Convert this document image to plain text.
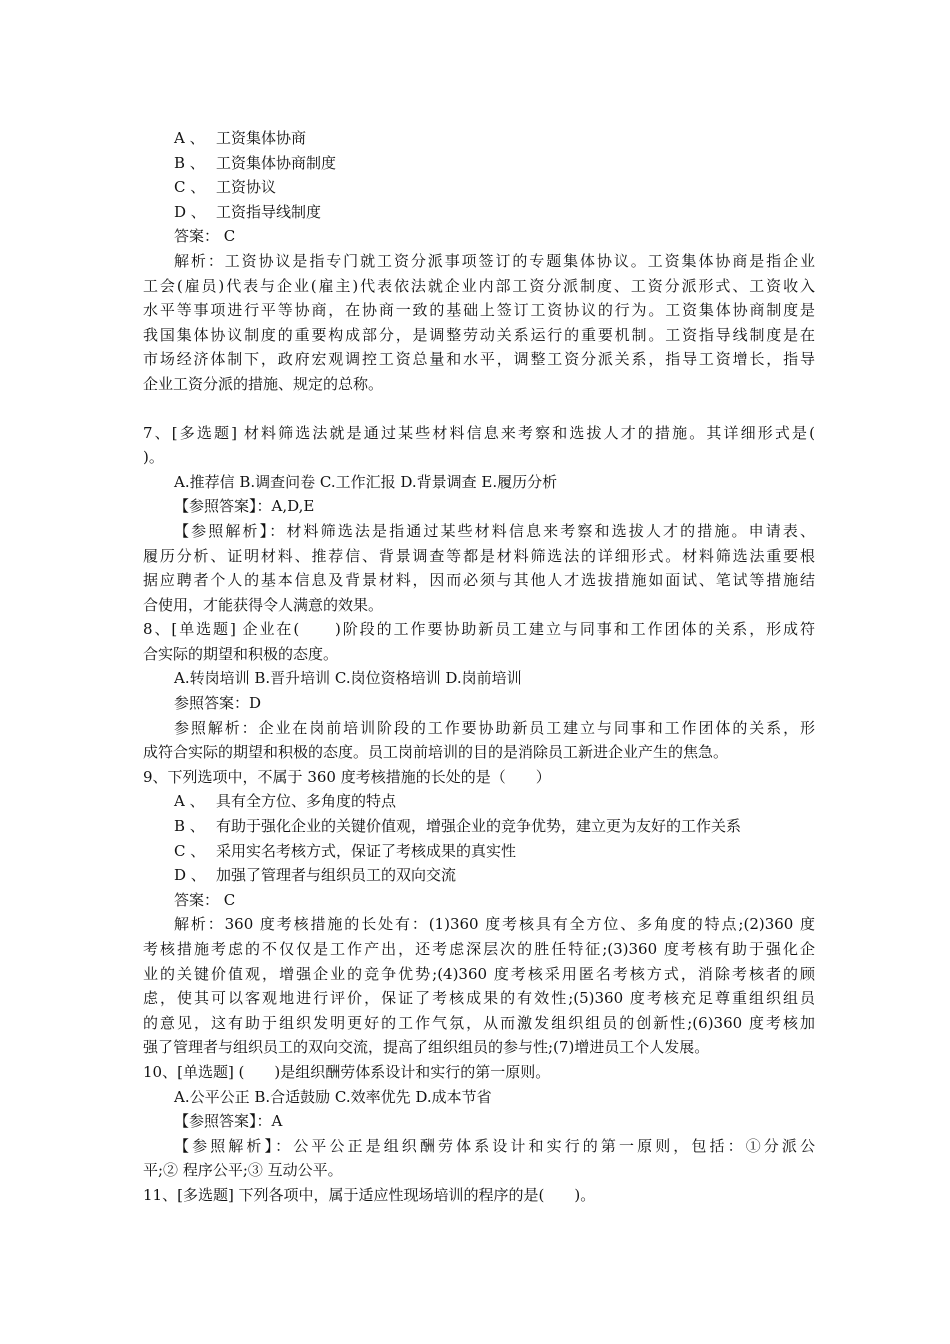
A 、 工资集体协商
B 、 工资集体协商制度
C 、 工资协议
D 、 工资指导线制度
答案： C
解析：工资协议是指专门就工资分派事项签订的专题集体协议。工资集体协商是指企业
工会(雇员)代表与企业(雇主)代表依法就企业内部工资分派制度、工资分派形式、工资收入
水平等事项进行平等协商，在协商一致的基础上签订工资协议的行为。工资集体协商制度是
我国集体协议制度的重要构成部分，是调整劳动关系运行的重要机制。工资指导线制度是在
市场经济体制下，政府宏观调控工资总量和水平，调整工资分派关系，指导工资增长，指导
企业工资分派的措施、规定的总称。
7、[多选题] 材料筛选法就是通过某些材料信息来考察和选拔人才的措施。其详细形式是(
)。
A.推荐信 B.调查问卷 C.工作汇报 D.背景调查 E.履历分析
【参照答案】：A,D,E
【参照解析】：材料筛选法是指通过某些材料信息来考察和选拔人才的措施。申请表、
履历分析、证明材料、推荐信、背景调查等都是材料筛选法的详细形式。材料筛选法重要根
据应聘者个人的基本信息及背景材料，因而必须与其他人才选拔措施如面试、笔试等措施结
合使用，才能获得令人满意的效果。
8、[单选题] 企业在(　　)阶段的工作要协助新员工建立与同事和工作团体的关系，形成符
合实际的期望和积极的态度。
A.转岗培训 B.晋升培训 C.岗位资格培训 D.岗前培训
参照答案：D
参照解析：企业在岗前培训阶段的工作要协助新员工建立与同事和工作团体的关系，形
成符合实际的期望和积极的态度。员工岗前培训的目的是消除员工新进企业产生的焦急。
9、下列选项中，不属于 360 度考核措施的长处的是（　　）
A 、 具有全方位、多角度的特点
B 、 有助于强化企业的关键价值观，增强企业的竞争优势，建立更为友好的工作关系
C 、 采用实名考核方式，保证了考核成果的真实性
D 、 加强了管理者与组织员工的双向交流
答案： C
解析：360 度考核措施的长处有：(1)360 度考核具有全方位、多角度的特点;(2)360 度
考核措施考虑的不仅仅是工作产出，还考虑深层次的胜任特征;(3)360 度考核有助于强化企
业的关键价值观，增强企业的竞争优势;(4)360 度考核采用匿名考核方式，消除考核者的顾
虑，使其可以客观地进行评价，保证了考核成果的有效性;(5)360 度考核充足尊重组织组员
的意见，这有助于组织发明更好的工作气氛，从而激发组织组员的创新性;(6)360 度考核加
强了管理者与组织员工的双向交流，提高了组织组员的参与性;(7)增进员工个人发展。
10、[单选题] (　　)是组织酬劳体系设计和实行的第一原则。
A.公平公正 B.合适鼓励 C.效率优先 D.成本节省
【参照答案】：A
【参照解析】：公平公正是组织酬劳体系设计和实行的第一原则，包括：①分派公
平;② 程序公平;③ 互动公平。
11、[多选题] 下列各项中，属于适应性现场培训的程序的是(　　)。
